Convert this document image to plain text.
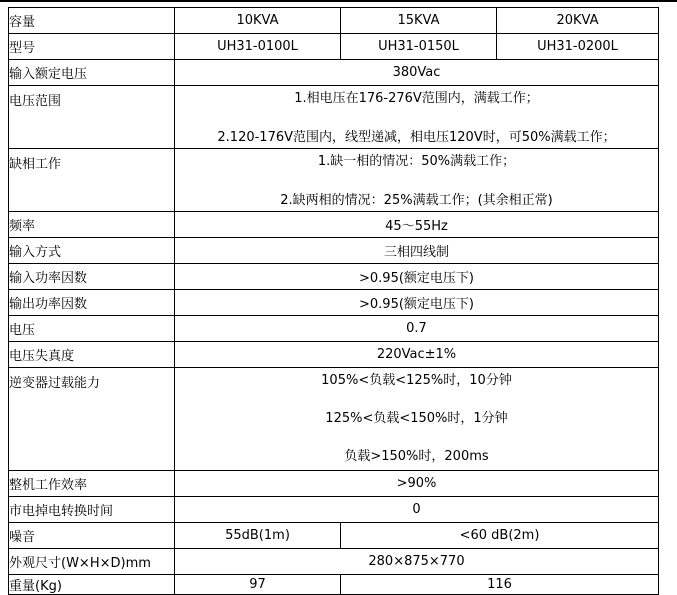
容量	10KVA	15KVA	20KVA
型号	UH31-0100L	UH31-0150L	UH31-0200L
输入额定电压	380Vac		
电压范围	1.相电压在176-276V范围内，满载工作；
2.120-176V范围内，线型递减，相电压120V时，可50%满载工作；		

缺相工作	1.缺一相的情况：50%满载工作；
2.缺两相的情况：25%满载工作；(其余相正常)		

频率	45～55Hz		
输入方式	三相四线制		
输入功率因数	>0.95(额定电压下)		
输出功率因数	>0.95(额定电压下)		
电压	0.7		
电压失真度	220Vac±1%		
逆变器过载能力	105%<负载<125%时，10分钟
125%<负载<150%时，1分钟
负载>150%时，200ms		

整机工作效率	>90%		
市电掉电转换时间	0		
噪音	55dB(1m)	<60 dB(2m)	
外观尺寸(W×H×D)mm	280×875×770		
重量(Kg)	97	116	
